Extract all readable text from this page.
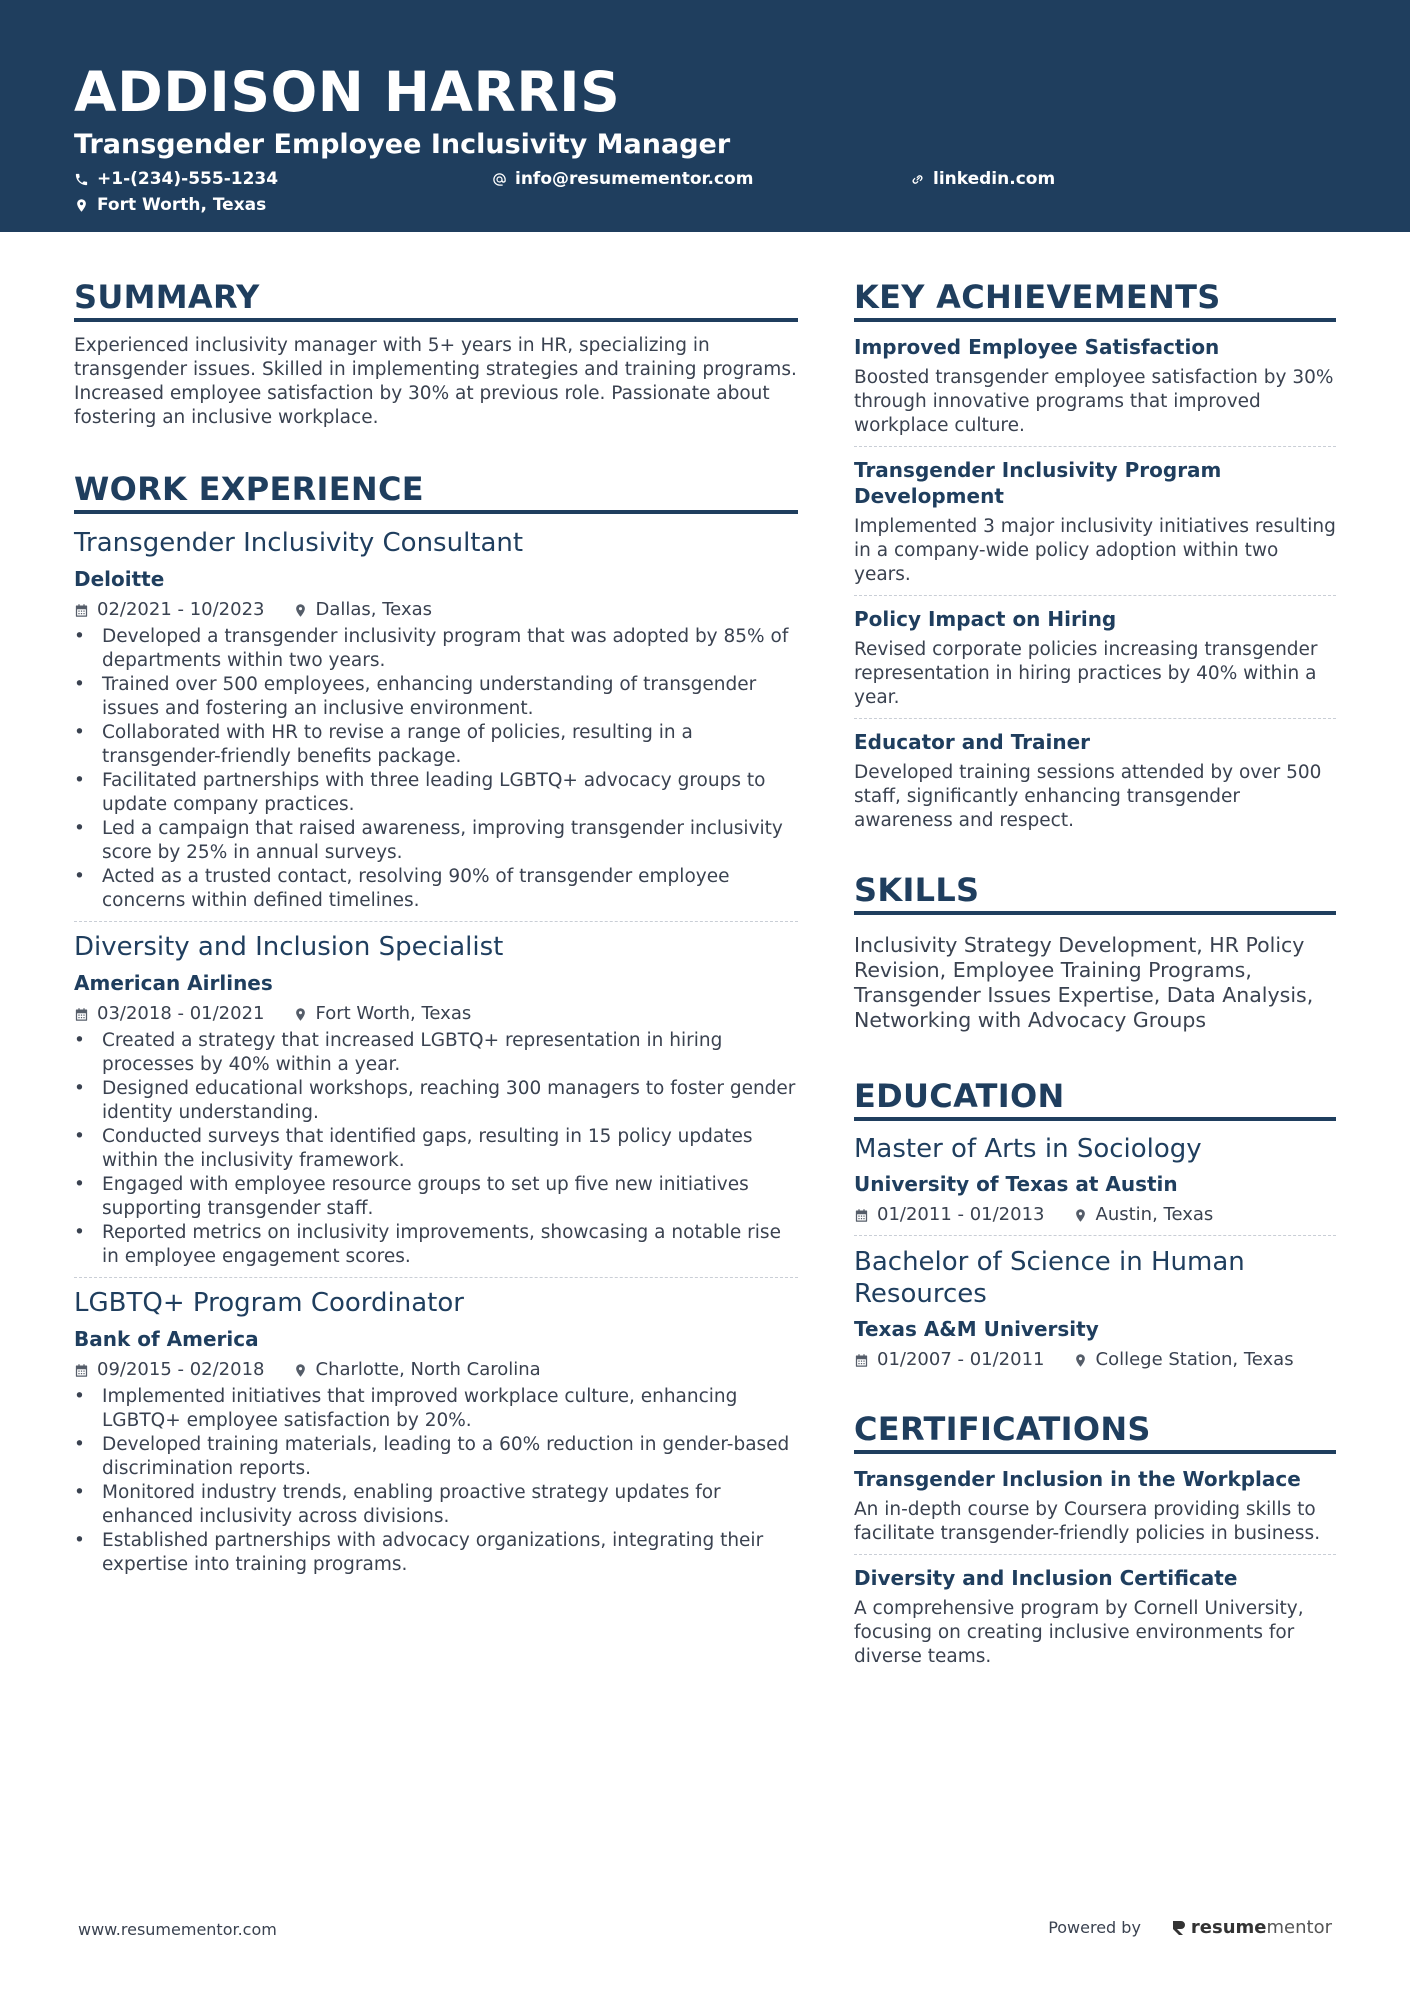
ADDISON HARRIS
Transgender Employee Inclusivity Manager
+1-(234)-555-1234	info@resumementor.com	linkedin.com
Fort Worth, Texas
SUMMARY

Experienced inclusivity manager with 5+ years in HR, specializing in transgender issues. Skilled in implementing strategies and training programs. Increased employee satisfaction by 30% at previous role. Passionate about fostering an inclusive workplace.

WORK EXPERIENCE
Transgender Inclusivity Consultant
Deloitte
02/2021 - 10/2023	Dallas, Texas
• Developed a transgender inclusivity program that was adopted by 85% of departments within two years.
• Trained over 500 employees, enhancing understanding of transgender issues and fostering an inclusive environment.
• Collaborated with HR to revise a range of policies, resulting in a transgender-friendly benefits package.
• Facilitated partnerships with three leading LGBTQ+ advocacy groups to update company practices.
• Led a campaign that raised awareness, improving transgender inclusivity score by 25% in annual surveys.
• Acted as a trusted contact, resolving 90% of transgender employee concerns within defined timelines.
Diversity and Inclusion Specialist
American Airlines
03/2018 - 01/2021	Fort Worth, Texas
• Created a strategy that increased LGBTQ+ representation in hiring processes by 40% within a year.
• Designed educational workshops, reaching 300 managers to foster gender identity understanding.
• Conducted surveys that identified gaps, resulting in 15 policy updates within the inclusivity framework.
• Engaged with employee resource groups to set up five new initiatives supporting transgender staff.
• Reported metrics on inclusivity improvements, showcasing a notable rise in employee engagement scores.
LGBTQ+ Program Coordinator
Bank of America
09/2015 - 02/2018	Charlotte, North Carolina
• Implemented initiatives that improved workplace culture, enhancing LGBTQ+ employee satisfaction by 20%.
• Developed training materials, leading to a 60% reduction in gender-based discrimination reports.
• Monitored industry trends, enabling proactive strategy updates for enhanced inclusivity across divisions.
• Established partnerships with advocacy organizations, integrating their expertise into training programs.
KEY ACHIEVEMENTS
Improved Employee Satisfaction

Boosted transgender employee satisfaction by 30% through innovative programs that improved workplace culture.

Transgender Inclusivity Program Development

Implemented 3 major inclusivity initiatives resulting in a company-wide policy adoption within two years.

Policy Impact on Hiring

Revised corporate policies increasing transgender representation in hiring practices by 40% within a year.

Educator and Trainer

Developed training sessions attended by over 500 staff, significantly enhancing transgender awareness and respect.

SKILLS

Inclusivity Strategy Development, HR Policy Revision, Employee Training Programs, Transgender Issues Expertise, Data Analysis, Networking with Advocacy Groups

EDUCATION
Master of Arts in Sociology
University of Texas at Austin
01/2011 - 01/2013	Austin, Texas
Bachelor of Science in Human Resources
Texas A&M University
01/2007 - 01/2011	College Station, Texas
CERTIFICATIONS
Transgender Inclusion in the Workplace

An in-depth course by Coursera providing skills to facilitate transgender-friendly policies in business.

Diversity and Inclusion Certificate

A comprehensive program by Cornell University, focusing on creating inclusive environments for diverse teams.

www.resumementor.com	Powered by	resume mentor
